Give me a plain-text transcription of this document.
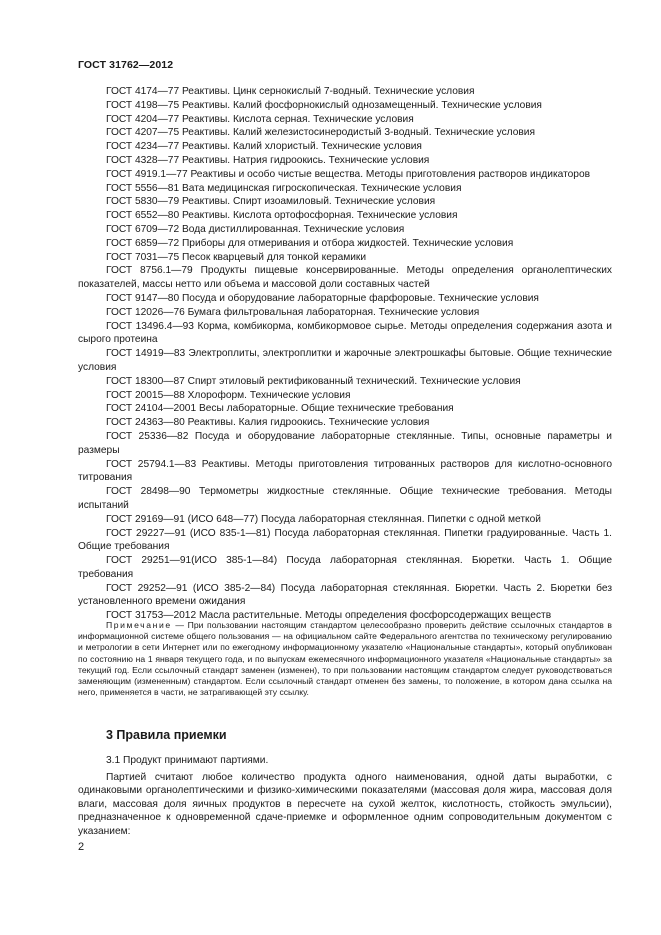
ГОСТ 31762—2012

ГОСТ 4174—77 Реактивы. Цинк сернокислый 7-водный. Технические условия

ГОСТ 4198—75 Реактивы. Калий фосфорнокислый однозамещенный. Технические условия

ГОСТ 4204—77 Реактивы. Кислота серная. Технические условия

ГОСТ 4207—75 Реактивы. Калий железистосинеродистый 3-водный. Технические условия

ГОСТ 4234—77 Реактивы. Калий хлористый. Технические условия

ГОСТ 4328—77 Реактивы. Натрия гидроокись. Технические условия

ГОСТ 4919.1—77 Реактивы и особо чистые вещества. Методы приготовления растворов индикаторов

ГОСТ 5556—81 Вата медицинская гигроскопическая. Технические условия

ГОСТ 5830—79 Реактивы. Спирт изоамиловый. Технические условия

ГОСТ 6552—80 Реактивы. Кислота ортофосфорная. Технические условия

ГОСТ 6709—72 Вода дистиллированная. Технические условия

ГОСТ 6859—72 Приборы для отмеривания и отбора жидкостей. Технические условия

ГОСТ 7031—75 Песок кварцевый для тонкой керамики

ГОСТ 8756.1—79 Продукты пищевые консервированные. Методы определения органолептических показателей, массы нетто или объема и массовой доли составных частей

ГОСТ 9147—80 Посуда и оборудование лабораторные фарфоровые. Технические условия

ГОСТ 12026—76 Бумага фильтровальная лабораторная. Технические условия

ГОСТ 13496.4—93 Корма, комбикорма, комбикормовое сырье. Методы определения содержания азота и сырого протеина

ГОСТ 14919—83 Электроплиты, электроплитки и жарочные электрошкафы бытовые. Общие технические условия

ГОСТ 18300—87 Спирт этиловый ректификованный технический. Технические условия

ГОСТ 20015—88 Хлороформ. Технические условия

ГОСТ 24104—2001 Весы лабораторные. Общие технические требования

ГОСТ 24363—80 Реактивы. Калия гидроокись. Технические условия

ГОСТ 25336—82 Посуда и оборудование лабораторные стеклянные. Типы, основные параметры и размеры

ГОСТ 25794.1—83 Реактивы. Методы приготовления титрованных растворов для кислотно-основного титрования

ГОСТ 28498—90 Термометры жидкостные стеклянные. Общие технические требования. Методы испытаний

ГОСТ 29169—91 (ИСО 648—77) Посуда лабораторная стеклянная. Пипетки с одной меткой

ГОСТ 29227—91 (ИСО 835-1—81) Посуда лабораторная стеклянная. Пипетки градуированные. Часть 1. Общие требования

ГОСТ 29251—91(ИСО 385-1—84) Посуда лабораторная стеклянная. Бюретки. Часть 1. Общие требования

ГОСТ 29252—91 (ИСО 385-2—84) Посуда лабораторная стеклянная. Бюретки. Часть 2. Бюретки без установленного времени ожидания

ГОСТ 31753—2012 Масла растительные. Методы определения фосфорсодержащих веществ

Примечание — При пользовании настоящим стандартом целесообразно проверить действие ссылочных стандартов в информационной системе общего пользования — на официальном сайте Федерального агентства по техническому регулированию и метрологии в сети Интернет или по ежегодному информационному указателю «Национальные стандарты», который опубликован по состоянию на 1 января текущего года, и по выпускам ежемесячного информационного указателя «Национальные стандарты» за текущий год. Если ссылочный стандарт заменен (изменен), то при пользовании настоящим стандартом следует руководствоваться заменяющим (измененным) стандартом. Если ссылочный стандарт отменен без замены, то положение, в котором дана ссылка на него, применяется в части, не затрагивающей эту ссылку.

3 Правила приемки

3.1 Продукт принимают партиями.

Партией считают любое количество продукта одного наименования, одной даты выработки, с одинаковыми органолептическими и физико-химическими показателями (массовая доля жира, массовая доля влаги, массовая доля яичных продуктов в пересчете на сухой желток, кислотность, стойкость эмульсии), предназначенное к одновременной сдаче-приемке и оформленное одним сопроводительным документом с указанием:

2
